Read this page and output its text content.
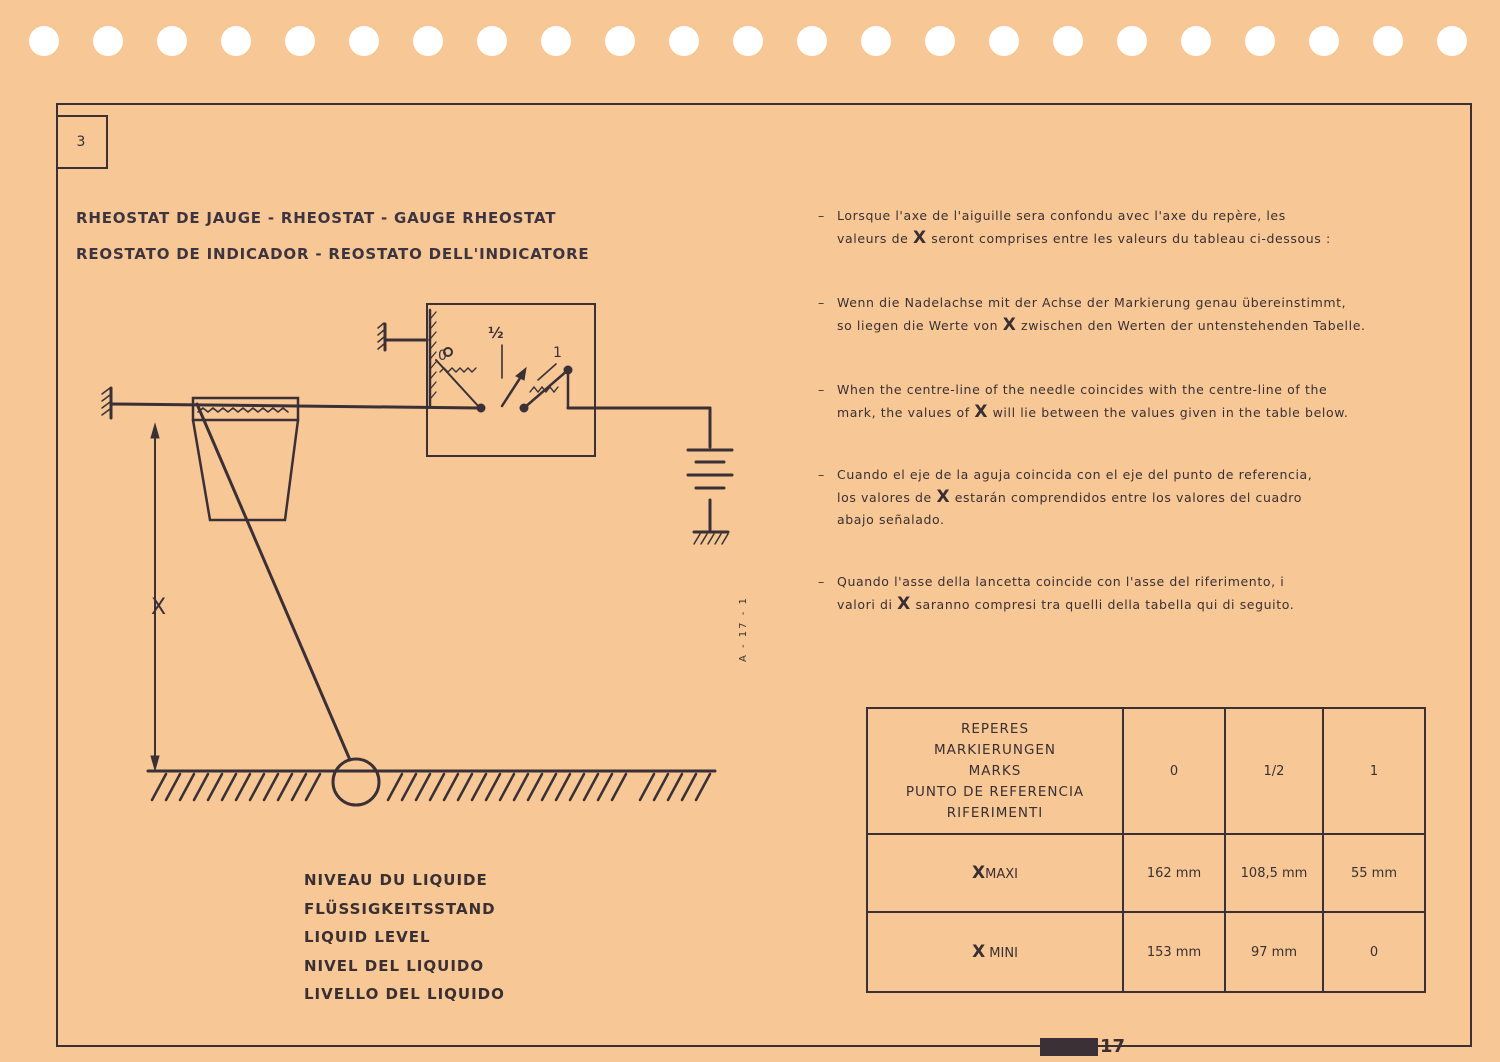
3
RHEOSTAT DE JAUGE - RHEOSTAT - GAUGE RHEOSTAT
REOSTATO DE INDICADOR - REOSTATO DELL'INDICATORE
X
½
0	1
A - 17 - 1
NIVEAU DU LIQUIDE
FLÜSSIGKEITSSTAND
LIQUID LEVEL
NIVEL DEL LIQUIDO
LIVELLO DEL LIQUIDO
– Lorsque l'axe de l'aiguille sera confondu avec l'axe du repère, les
valeurs de X seront comprises entre les valeurs du tableau ci-dessous :
– Wenn die Nadelachse mit der Achse der Markierung genau übereinstimmt,
so liegen die Werte von X zwischen den Werten der untenstehenden Tabelle.
– When the centre-line of the needle coincides with the centre-line of the
mark, the values of X will lie between the values given in the table below.
– Cuando el eje de la aguja coincida con el eje del punto de referencia,
los valores de X estarán comprendidos entre los valores del cuadro
abajo señalado.
– Quando l'asse della lancetta coincide con l'asse del riferimento, i
valori di X saranno compresi tra quelli della tabella qui di seguito.
REPERES
MARKIERUNGEN
MARKS
PUNTO DE REFERENCIA
RIFERIMENTI	0	1/2	1
XMAXI	162 mm	108,5 mm	55 mm
X MINI	153 mm	97 mm	0
17
